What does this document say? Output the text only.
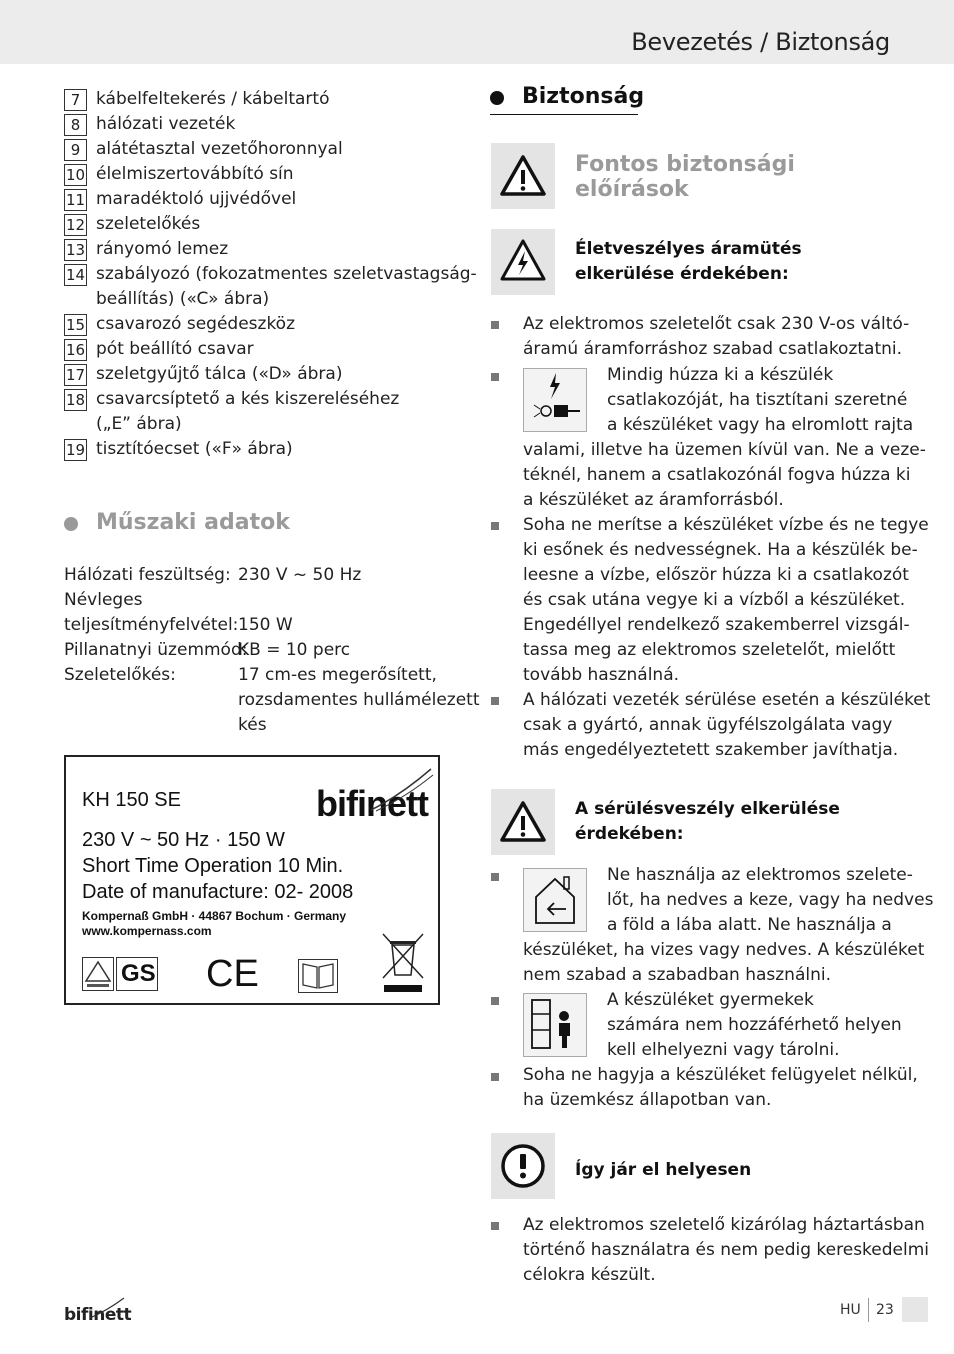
Bevezetés / Biztonság
7 kábelfeltekerés / kábeltartó
8 hálózati vezeték
9 alátétasztal vezetőhoronnyal
10 élelmiszertovábbító sín
11 maradéktoló ujjvédővel
12 szeletelőkés
13 rányomó lemez
14 szabályozó (fokozatmentes szeletvastagság-
beállítás) («C» ábra)
15 csavarozó segédeszköz
16 pót beállító csavar
17 szeletgyűjtő tálca («D» ábra)
18 csavarcsíptető a kés kiszereléséhez
(„E” ábra)
19 tisztítóecset («F» ábra)
Műszaki adatok
Hálózati feszültség: 230 V ~ 50 Hz
Névleges
teljesítményfelvétel: 150 W
Pillanatnyi üzemmód:
KB = 10 perc
Szeletelőkés:	17 cm-es megerősített,
rozsdamentes hullámélezett
kés
KH 150 SE	bifinett
230 V ~ 50 Hz · 150 W
Short Time Operation 10 Min.
Date of manufacture: 02- 2008
Kompernaß GmbH · 44867 Bochum · Germany
www.kompernass.com
GS CE
Biztonság
Fontos biztonsági
előírások
Életveszélyes áramütés
elkerülése érdekében:
Az elektromos szeletelőt csak 230 V-os váltó-
áramú áramforráshoz szabad csatlakoztatni.
Mindig húzza ki a készülék
csatlakozóját, ha tisztítani szeretné
a készüléket vagy ha elromlott rajta
valami, illetve ha üzemen kívül van. Ne a veze-
téknél, hanem a csatlakozónál fogva húzza ki
a készüléket az áramforrásból.
Soha ne merítse a készüléket vízbe és ne tegye
ki esőnek és nedvességnek. Ha a készülék be-
leesne a vízbe, először húzza ki a csatlakozót
és csak utána vegye ki a vízből a készüléket.
Engedéllyel rendelkező szakemberrel vizsgál-
tassa meg az elektromos szeletelőt, mielőtt
tovább használná.
A hálózati vezeték sérülése esetén a készüléket
csak a gyártó, annak ügyfélszolgálata vagy
más engedélyeztetett szakember javíthatja.
A sérülésveszély elkerülése
érdekében:
Ne használja az elektromos szelete-
lőt, ha nedves a keze, vagy ha nedves
a föld a lába alatt. Ne használja a
készüléket, ha vizes vagy nedves. A készüléket
nem szabad a szabadban használni.
A készüléket gyermekek
számára nem hozzáférhető helyen
kell elhelyezni vagy tárolni.
Soha ne hagyja a készüléket felügyelet nélkül,
ha üzemkész állapotban van.
Így jár el helyesen
Az elektromos szeletelő kizárólag háztartásban
történő használatra és nem pedig kereskedelmi
célokra készült.
bifinett	HU 23
